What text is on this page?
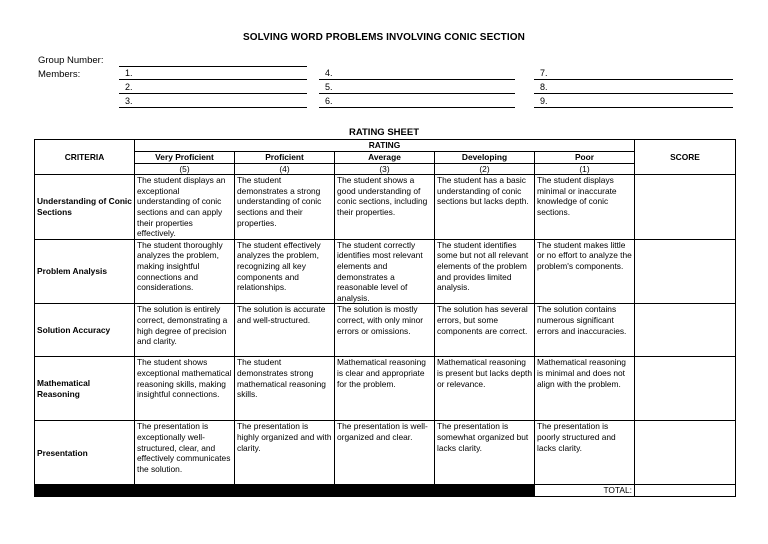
SOLVING WORD PROBLEMS INVOLVING CONIC SECTION
Group Number:
Members:	1.
2.
3.
4.
5.
6.
7.
8.
9.
RATING SHEET
CRITERIA	RATING					SCORE
	Very Proficient	Proficient	Average	Developing	Poor	
	(5)	(4)	(3)	(2)	(1)	
Understanding of Conic Sections	The student displays an exceptional understanding of conic sections and can apply their properties effectively.	The student demonstrates a strong understanding of conic sections and their properties.	The student shows a good understanding of conic sections, including their properties.	The student has a basic understanding of conic sections but lacks depth.	The student displays minimal or inaccurate knowledge of conic sections.	
Problem Analysis	The student thoroughly analyzes the problem, making insightful connections and considerations.	The student effectively analyzes the problem, recognizing all key components and relationships.	The student correctly identifies most relevant elements and demonstrates a reasonable level of analysis.	The student identifies some but not all relevant elements of the problem and provides limited analysis.	The student makes little or no effort to analyze the problem's components.	
Solution Accuracy	The solution is entirely correct, demonstrating a high degree of precision and clarity.	The solution is accurate and well-structured.	The solution is mostly correct, with only minor errors or omissions.	The solution has several errors, but some components are correct.	The solution contains numerous significant errors and inaccuracies.	
Mathematical Reasoning	The student shows exceptional mathematical reasoning skills, making insightful connections.	The student demonstrates strong mathematical reasoning skills.	Mathematical reasoning is clear and appropriate for the problem.	Mathematical reasoning is present but lacks depth or relevance.	Mathematical reasoning is minimal and does not align with the problem.	
Presentation	The presentation is exceptionally well-structured, clear, and effectively communicates the solution.	The presentation is highly organized and with clarity.	The presentation is well-organized and clear.	The presentation is somewhat organized but lacks clarity.	The presentation is poorly structured and lacks clarity.	
					TOTAL:	
